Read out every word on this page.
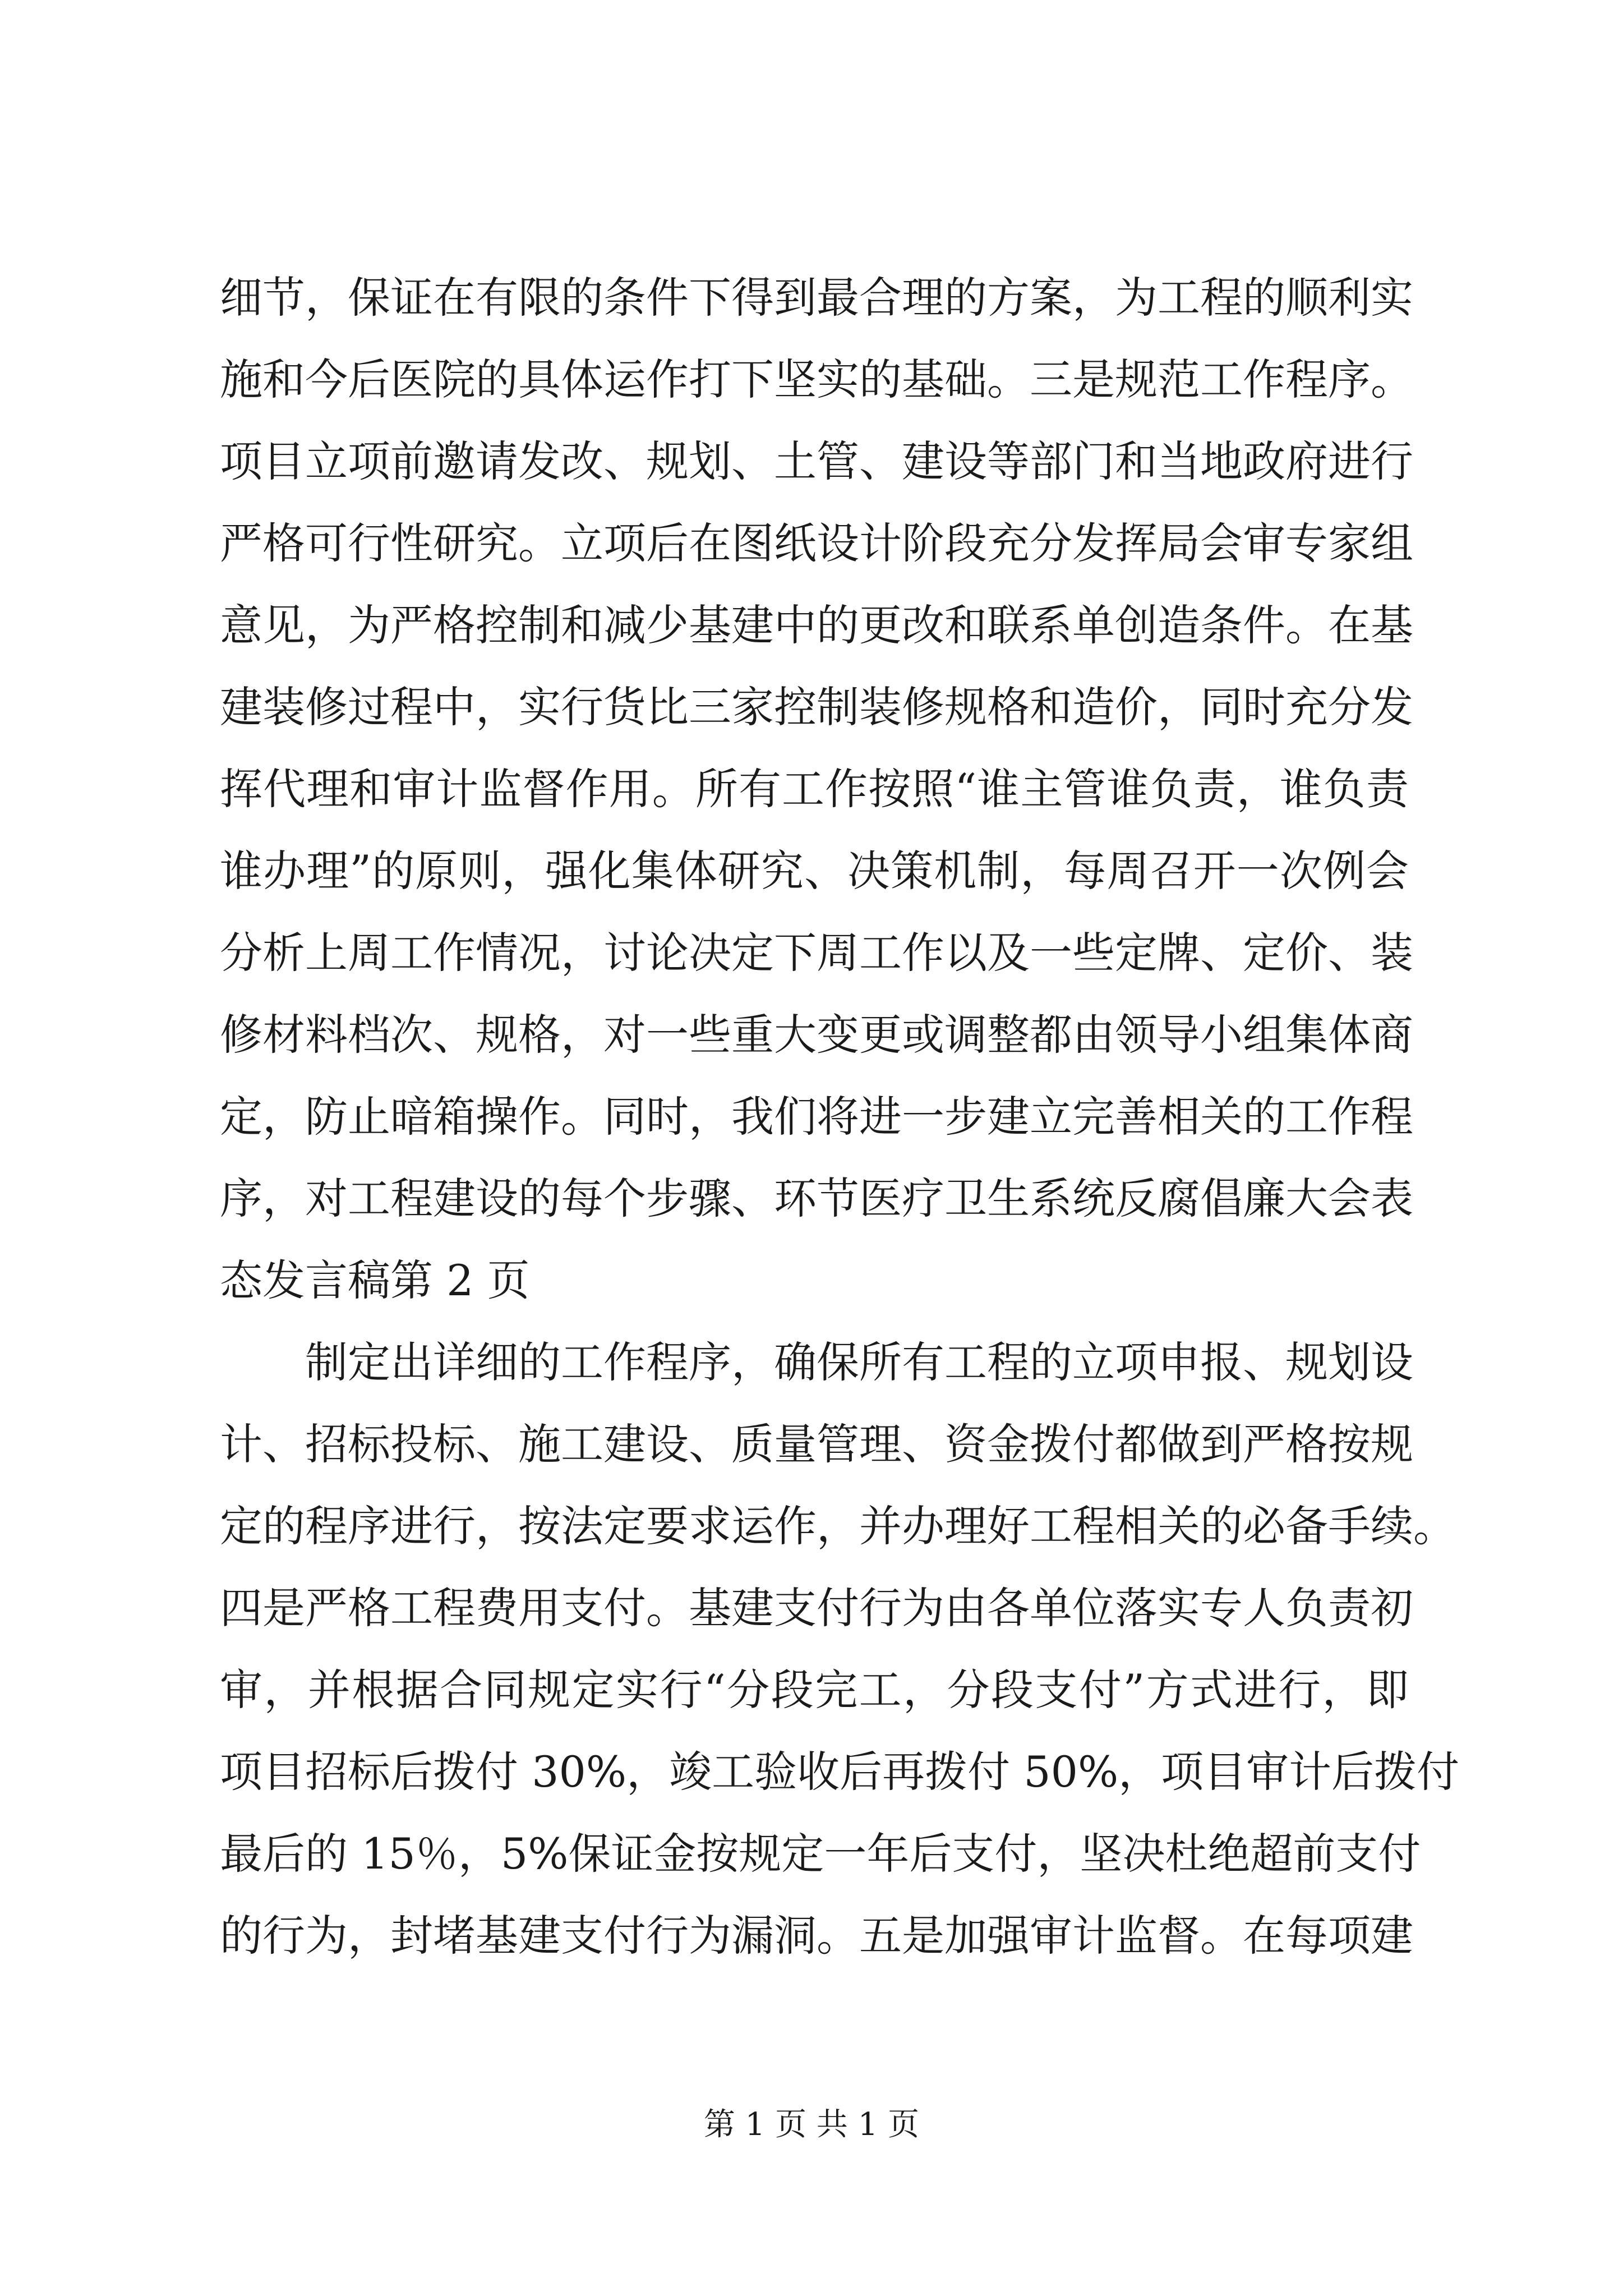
细节，保证在有限的条件下得到最合理的方案，为工程的顺利实
施和今后医院的具体运作打下坚实的基础。三是规范工作程序。
项目立项前邀请发改、规划、土管、建设等部门和当地政府进行
严格可行性研究。立项后在图纸设计阶段充分发挥局会审专家组
意见，为严格控制和减少基建中的更改和联系单创造条件。在基
建装修过程中，实行货比三家控制装修规格和造价，同时充分发
挥代理和审计监督作用。所有工作按照“谁主管谁负责，谁负责
谁办理”的原则，强化集体研究、决策机制，每周召开一次例会
分析上周工作情况，讨论决定下周工作以及一些定牌、定价、装
修材料档次、规格，对一些重大变更或调整都由领导小组集体商
定，防止暗箱操作。同时，我们将进一步建立完善相关的工作程
序，对工程建设的每个步骤、环节医疗卫生系统反腐倡廉大会表
态发言稿第 2 页
制定出详细的工作程序，确保所有工程的立项申报、规划设
计、招标投标、施工建设、质量管理、资金拨付都做到严格按规
定的程序进行，按法定要求运作，并办理好工程相关的必备手续。
四是严格工程费用支付。基建支付行为由各单位落实专人负责初
审，并根据合同规定实行“分段完工，分段支付”方式进行，即
项目招标后拨付 30%，竣工验收后再拨付 50%，项目审计后拨付
最后的 15％，5%保证金按规定一年后支付，坚决杜绝超前支付
的行为，封堵基建支付行为漏洞。五是加强审计监督。在每项建
第 1 页 共 1 页
